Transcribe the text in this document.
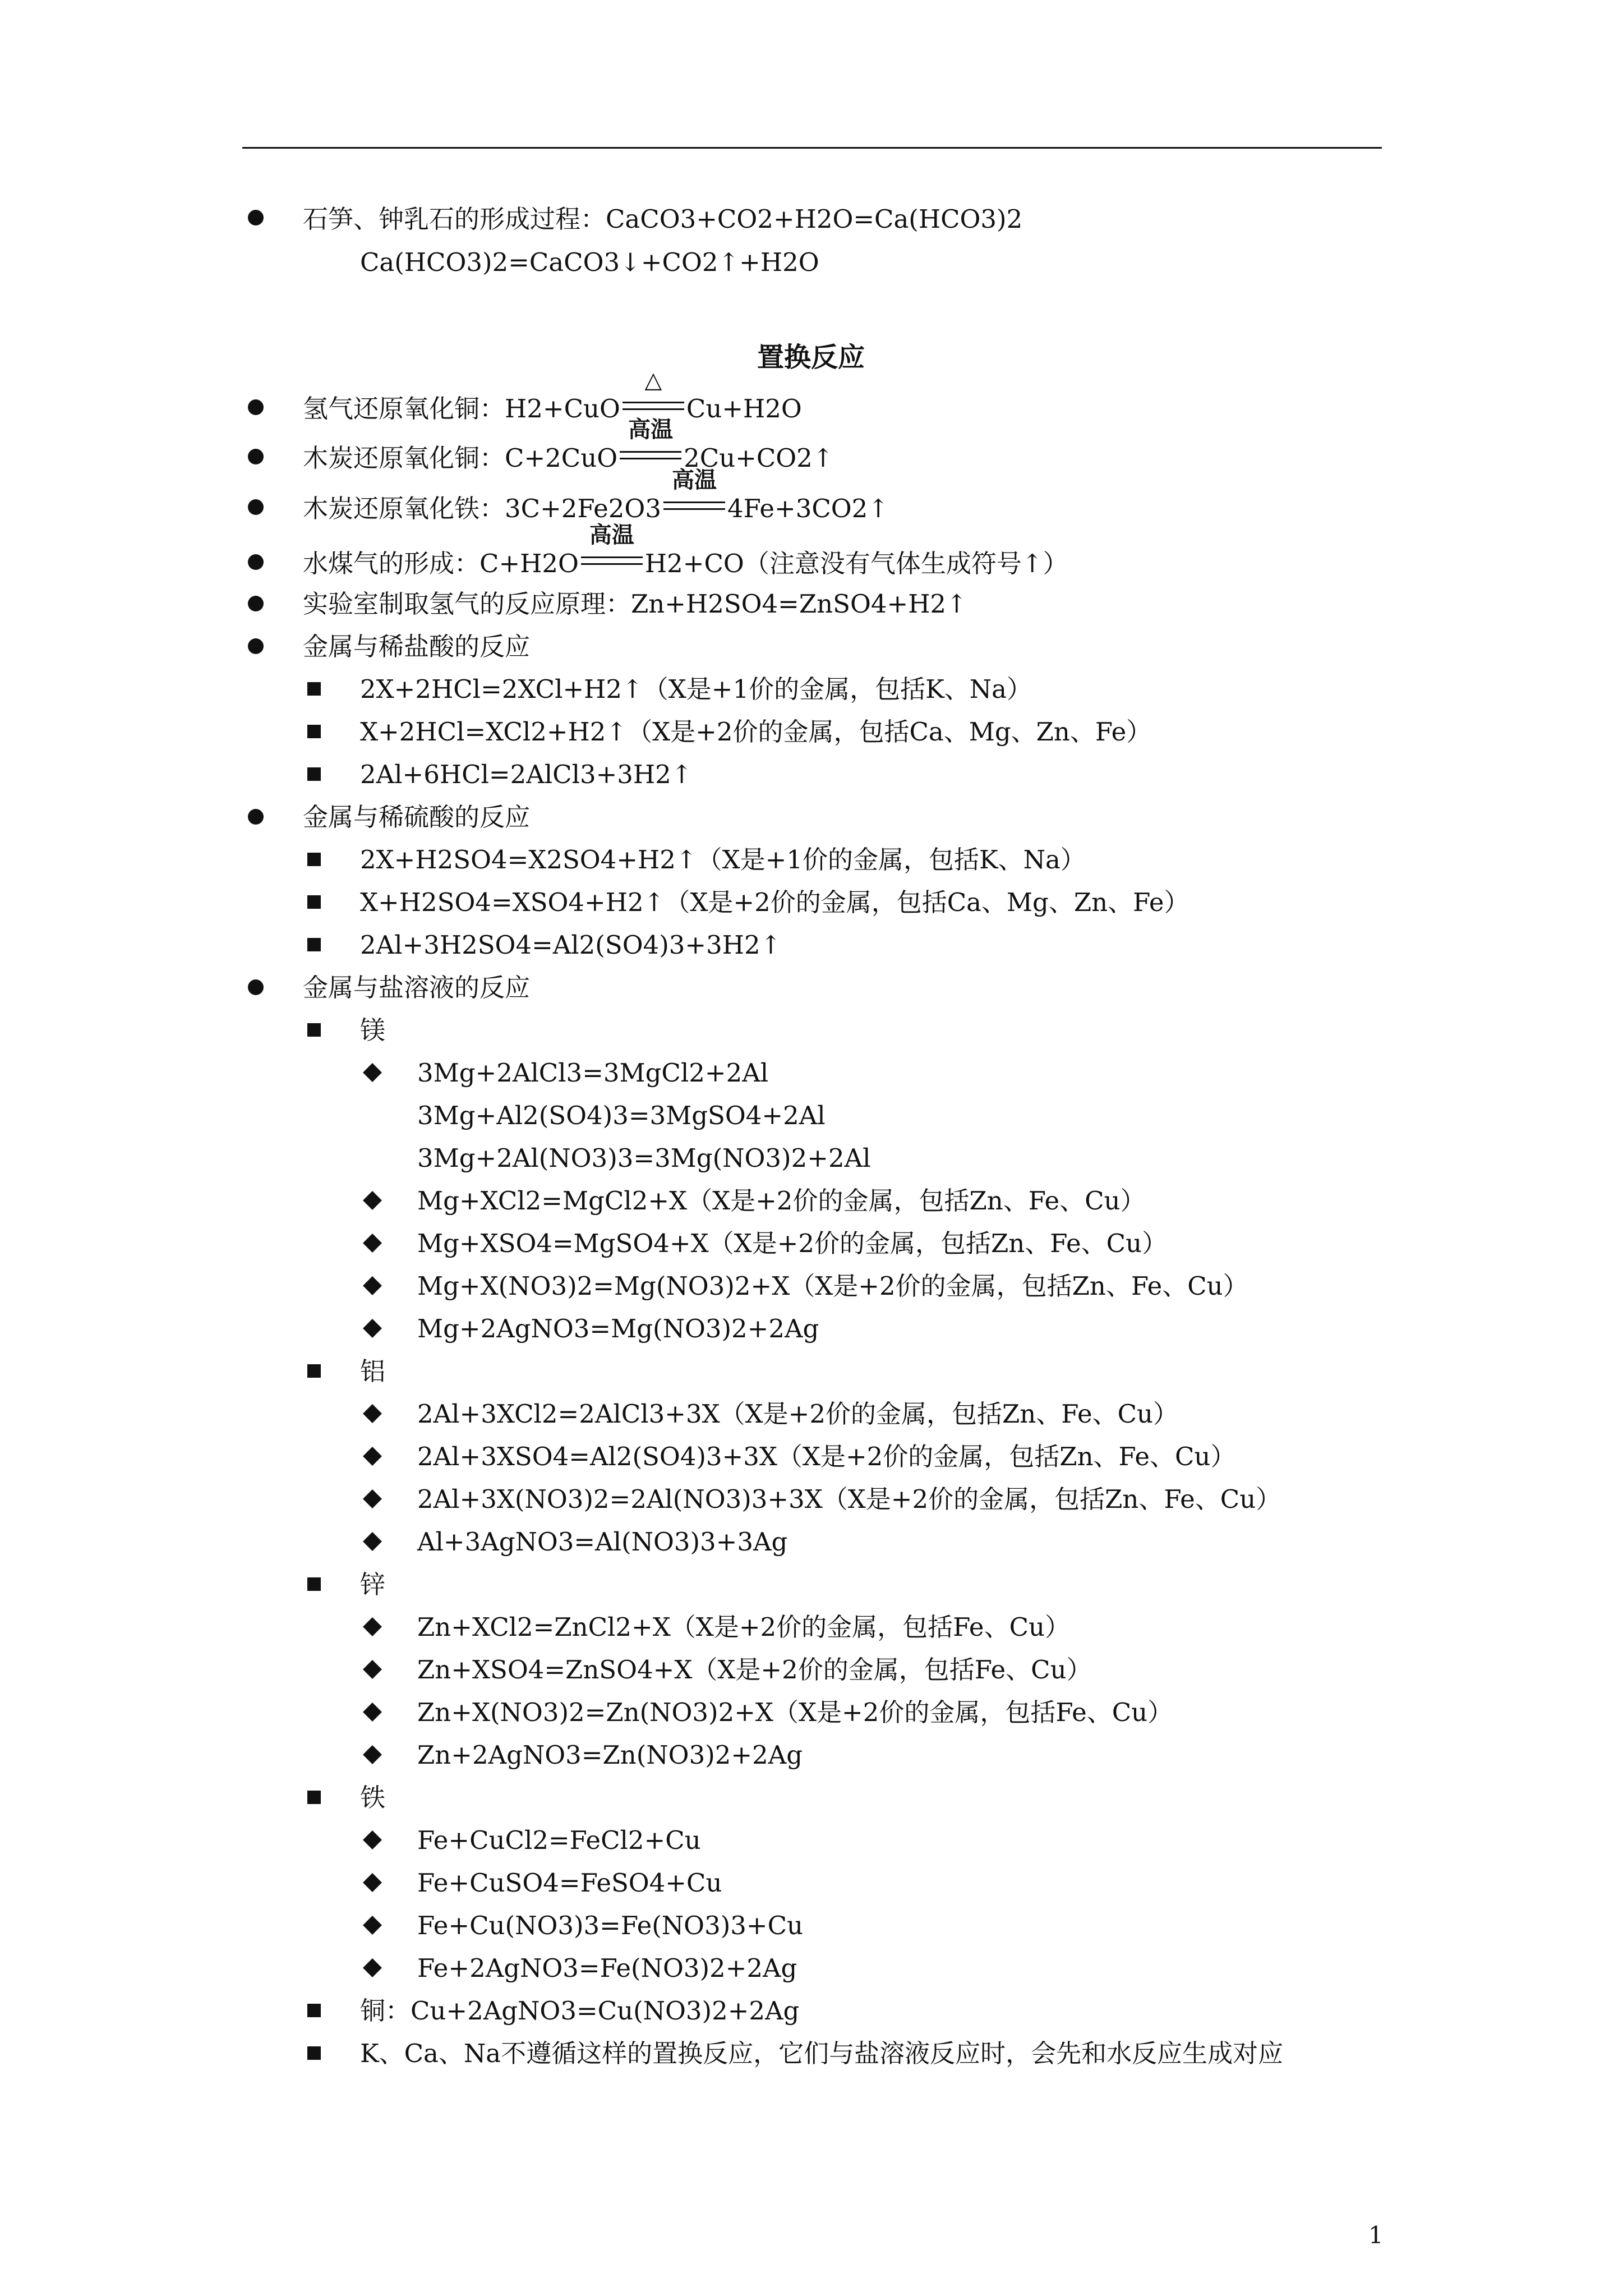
石笋、钟乳石的形成过程：CaCO3+CO2+H2O=Ca(HCO3)2
Ca(HCO3)2=CaCO3↓+CO2↑+H2O
置换反应
氢气还原氧化铜：H2+CuO
△
Cu+H2O
木炭还原氧化铜：C+2CuO
高温
2Cu+CO2↑
木炭还原氧化铁：3C+2Fe2O3
高温
4Fe+3CO2↑
水煤气的形成：C+H2O
高温
H2+CO（注意没有气体生成符号↑）
实验室制取氢气的反应原理：Zn+H2SO4=ZnSO4+H2↑
金属与稀盐酸的反应
2X+2HCl=2XCl+H2↑（X是+1价的金属，包括K、Na）
X+2HCl=XCl2+H2↑（X是+2价的金属，包括Ca、Mg、Zn、Fe）
2Al+6HCl=2AlCl3+3H2↑
金属与稀硫酸的反应
2X+H2SO4=X2SO4+H2↑（X是+1价的金属，包括K、Na）
X+H2SO4=XSO4+H2↑（X是+2价的金属，包括Ca、Mg、Zn、Fe）
2Al+3H2SO4=Al2(SO4)3+3H2↑
金属与盐溶液的反应
镁
3Mg+2AlCl3=3MgCl2+2Al
3Mg+Al2(SO4)3=3MgSO4+2Al
3Mg+2Al(NO3)3=3Mg(NO3)2+2Al
Mg+XCl2=MgCl2+X（X是+2价的金属，包括Zn、Fe、Cu）
Mg+XSO4=MgSO4+X（X是+2价的金属，包括Zn、Fe、Cu）
Mg+X(NO3)2=Mg(NO3)2+X（X是+2价的金属，包括Zn、Fe、Cu）
Mg+2AgNO3=Mg(NO3)2+2Ag
铝
2Al+3XCl2=2AlCl3+3X（X是+2价的金属，包括Zn、Fe、Cu）
2Al+3XSO4=Al2(SO4)3+3X（X是+2价的金属，包括Zn、Fe、Cu）
2Al+3X(NO3)2=2Al(NO3)3+3X（X是+2价的金属，包括Zn、Fe、Cu）
Al+3AgNO3=Al(NO3)3+3Ag
锌
Zn+XCl2=ZnCl2+X（X是+2价的金属，包括Fe、Cu）
Zn+XSO4=ZnSO4+X（X是+2价的金属，包括Fe、Cu）
Zn+X(NO3)2=Zn(NO3)2+X（X是+2价的金属，包括Fe、Cu）
Zn+2AgNO3=Zn(NO3)2+2Ag
铁
Fe+CuCl2=FeCl2+Cu
Fe+CuSO4=FeSO4+Cu
Fe+Cu(NO3)3=Fe(NO3)3+Cu
Fe+2AgNO3=Fe(NO3)2+2Ag
铜：Cu+2AgNO3=Cu(NO3)2+2Ag
K、Ca、Na不遵循这样的置换反应，它们与盐溶液反应时，会先和水反应生成对应
1
